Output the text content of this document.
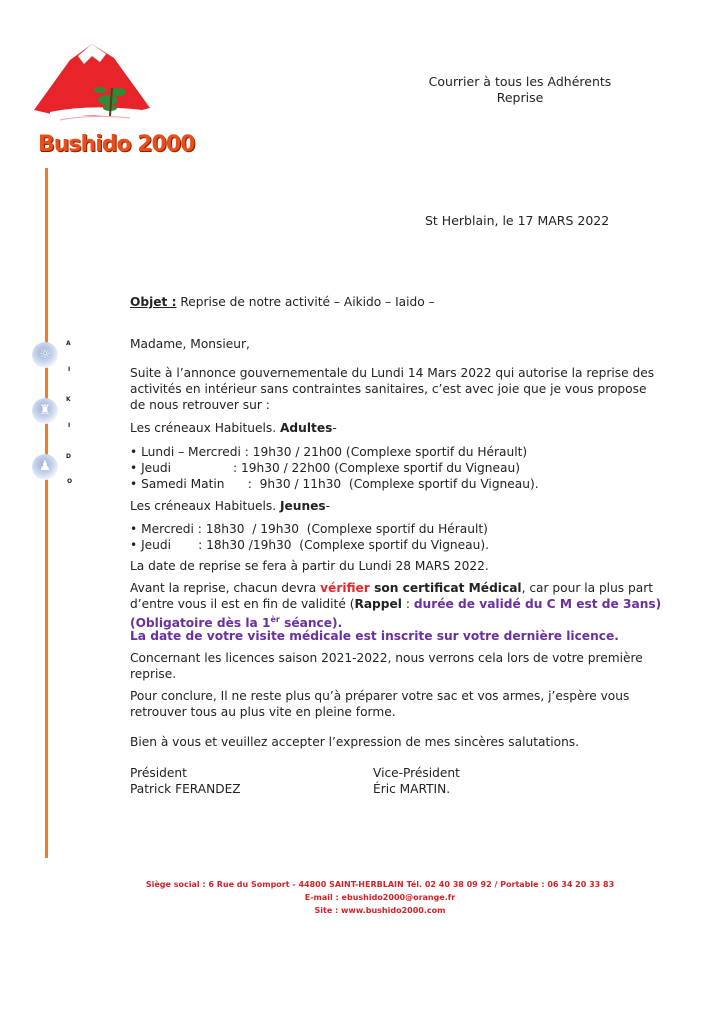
Bushido 2000
☼
♜
♟
A
I
K
I
D
O
Courrier à tous les Adhérents
Reprise
St Herblain, le 17 MARS 2022
Objet : Reprise de notre activité – Aikido – Iaido –
Madame, Monsieur,
Suite à l’annonce gouvernementale du Lundi 14 Mars 2022 qui autorise la reprise des
activités en intérieur sans contraintes sanitaires, c’est avec joie que je vous propose
de nous retrouver sur :
Les créneaux Habituels. Adultes-
• Lundi – Mercredi : 19h30 / 21h00 (Complexe sportif du Hérault)
• Jeudi                : 19h30 / 22h00 (Complexe sportif du Vigneau)
• Samedi Matin      :  9h30 / 11h30  (Complexe sportif du Vigneau).
Les créneaux Habituels. Jeunes-
• Mercredi : 18h30  / 19h30  (Complexe sportif du Hérault)
• Jeudi       : 18h30 /19h30  (Complexe sportif du Vigneau).
La date de reprise se fera à partir du Lundi 28 MARS 2022.
Avant la reprise, chacun devra vérifier son certificat Médical, car pour la plus part
d’entre vous il est en fin de validité (Rappel : durée de validé du C M est de 3ans)
(Obligatoire dès la $1^{èr}$ séance).
La date de votre visite médicale est inscrite sur votre dernière licence.
Concernant les licences saison 2021-2022, nous verrons cela lors de votre première
reprise.
Pour conclure, Il ne reste plus qu’à préparer votre sac et vos armes, j’espère vous
retrouver tous au plus vite en pleine forme.
Bien à vous et veuillez accepter l’expression de mes sincères salutations.
Président
Patrick FERANDEZ
Vice-Président
Éric MARTIN.
Siège social : 6 Rue du Somport - 44800 SAINT-HERBLAIN Tél. 02 40 38 09 92 / Portable : 06 34 20 33 83
E-mail : ebushido2000@orange.fr
Site : www.bushido2000.com
